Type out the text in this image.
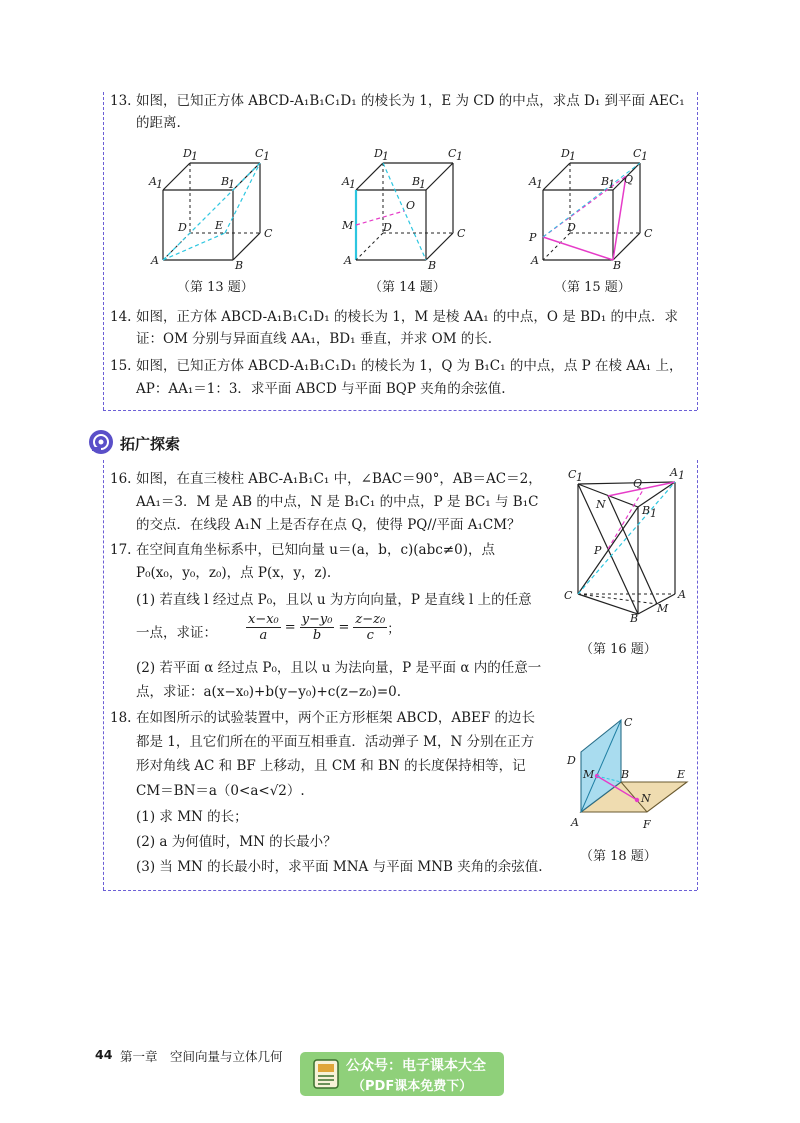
13. 如图，已知正方体 ABCD-A₁B₁C₁D₁ 的棱长为 1，E 为 CD 的中点，求点 D₁ 到平面 AEC₁
的距离.
D 1	C 1
A 1	B
1
D	E
C
A	B
（第 13 题）
D 1	C 1
A 1	B
1
O
M	D	C
A	B
（第 14 题）
D 1	C 1
A 1	B
1 Q
P
D	C
A	B
（第 15 题）
14. 如图，正方体 ABCD-A₁B₁C₁D₁ 的棱长为 1，M 是棱 AA₁ 的中点，O 是 BD₁ 的中点．求
证：OM 分别与异面直线 AA₁，BD₁ 垂直，并求 OM 的长.
15. 如图，已知正方体 ABCD-A₁B₁C₁D₁ 的棱长为 1，Q 为 B₁C₁ 的中点，点 P 在棱 AA₁ 上，
AP：AA₁＝1：3．求平面 ABCD 与平面 BQP 夹角的余弦值.
拓广探索
16. 如图，在直三棱柱 ABC-A₁B₁C₁ 中，∠BAC＝90°，AB＝AC＝2，
AA₁＝3．M 是 AB 的中点，N 是 B₁C₁ 的中点，P 是 BC₁ 与 B₁C
的交点．在线段 A₁N 上是否存在点 Q，使得 PQ//平面 A₁CM？
C 1	Q
A 1
N	B 1
P
C	A
B
M
（第 16 题）
17. 在空间直角坐标系中，已知向量 u＝(a，b，c)(abc≠0)，点
P₀(x₀，y₀，z₀)，点 P(x，y，z).
(1) 若直线 l 经过点 P₀，且以 u 为方向向量，P 是直线 l 上的任意
一点，求证： $\frac{\text{x−x₀}}{a} = \frac{\text{y−y₀}}{b} = \frac{\text{z−z₀}}{c}$ ；
(2) 若平面 α 经过点 P₀，且以 u 为法向量，P 是平面 α 内的任意一
点，求证：a(x−x₀)+b(y−y₀)+c(z−z₀)=0.
18. 在如图所示的试验装置中，两个正方形框架 ABCD，ABEF 的边长
都是 1，且它们所在的平面互相垂直．活动弹子 M，N 分别在正方
形对角线 AC 和 BF 上移动，且 CM 和 BN 的长度保持相等，记
CM＝BN＝a（0<a<√2）.
(1) 求 MN 的长；
(2) a 为何值时，MN 的长最小？
(3) 当 MN 的长最小时，求平面 MNA 与平面 MNB 夹角的余弦值.
C
D
M B	E
N
A	F
（第 18 题）
44 第一章　空间向量与立体几何
公众号：电子课本大全
（PDF课本免费下）
